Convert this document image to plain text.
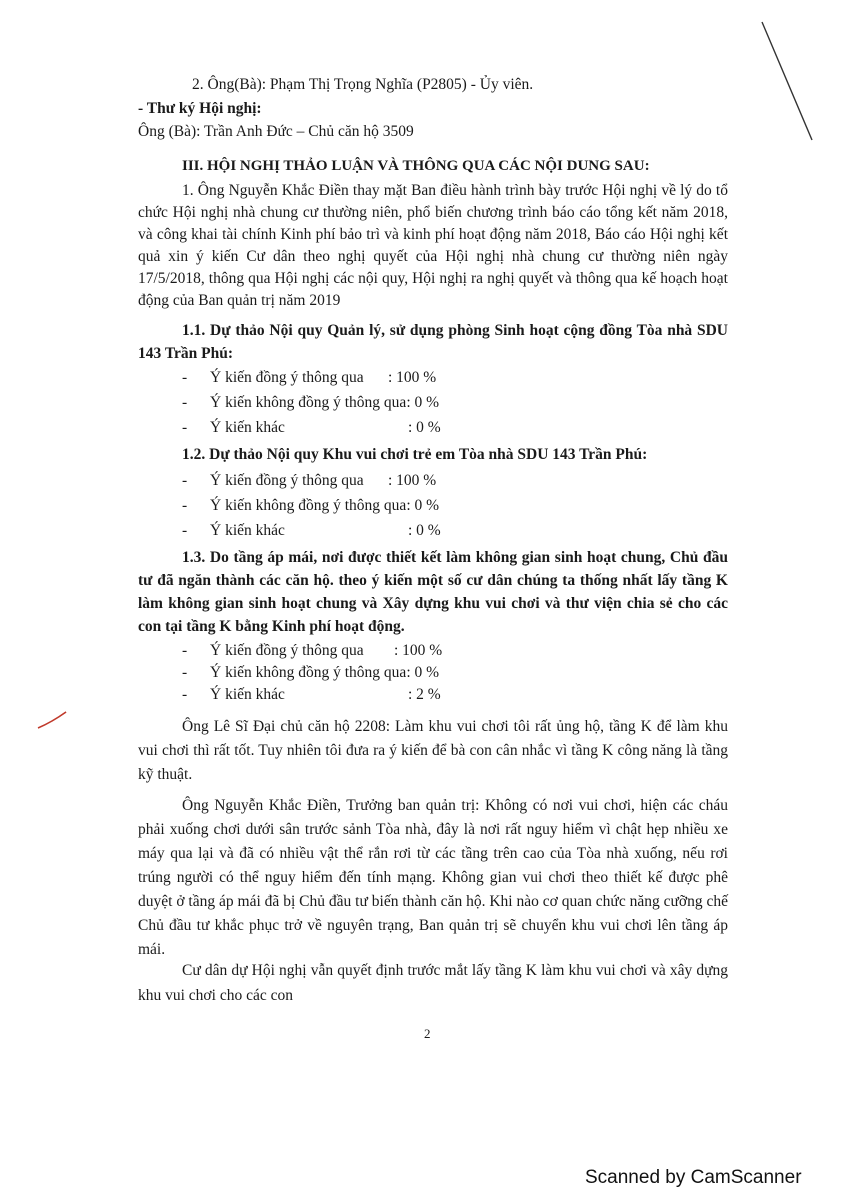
2. Ông(Bà): Phạm Thị Trọng Nghĩa (P2805) - Ủy viên.
- Thư ký Hội nghị:
Ông (Bà): Trần Anh Đức – Chủ căn hộ 3509
III. HỘI NGHỊ THẢO LUẬN VÀ THÔNG QUA CÁC NỘI DUNG SAU:
1. Ông Nguyễn Khắc Điền thay mặt Ban điều hành trình bày trước Hội nghị về lý do tổ chức Hội nghị nhà chung cư thường niên, phổ biến chương trình báo cáo tổng kết năm 2018, và công khai tài chính Kinh phí bảo trì và kinh phí hoạt động năm 2018, Báo cáo Hội nghị kết quả xin ý kiến Cư dân theo nghị quyết của Hội nghị nhà chung cư thường niên ngày 17/5/2018, thông qua Hội nghị các nội quy, Hội nghị ra nghị quyết và thông qua kế hoạch hoạt động của Ban quản trị năm 2019
1.1. Dự thảo Nội quy Quản lý, sử dụng phòng Sinh hoạt cộng đồng Tòa nhà SDU 143 Trần Phú:
- Ý kiến đồng ý thông qua : 100 %
- Ý kiến không đồng ý thông qua: 0 %
- Ý kiến khác	: 0 %
1.2. Dự thảo Nội quy Khu vui chơi trẻ em Tòa nhà SDU 143 Trần Phú:
- Ý kiến đồng ý thông qua : 100 %
- Ý kiến không đồng ý thông qua: 0 %
- Ý kiến khác	: 0 %
1.3. Do tầng áp mái, nơi được thiết kết làm không gian sinh hoạt chung, Chủ đầu tư đã ngăn thành các căn hộ. theo ý kiến một số cư dân chúng ta thống nhất lấy tầng K làm không gian sinh hoạt chung và Xây dựng khu vui chơi và thư viện chia sẻ cho các con tại tầng K bằng Kinh phí hoạt động.
- Ý kiến đồng ý thông qua : 100 %
- Ý kiến không đồng ý thông qua: 0 %
- Ý kiến khác	: 2 %
Ông Lê Sĩ Đại chủ căn hộ 2208: Làm khu vui chơi tôi rất ủng hộ, tầng K để làm khu vui chơi thì rất tốt. Tuy nhiên tôi đưa ra ý kiến để bà con cân nhắc vì tầng K công năng là tầng kỹ thuật.
Ông Nguyễn Khắc Điền, Trưởng ban quản trị: Không có nơi vui chơi, hiện các cháu phải xuống chơi dưới sân trước sảnh Tòa nhà, đây là nơi rất nguy hiểm vì chật hẹp nhiều xe máy qua lại và đã có nhiều vật thể rắn rơi từ các tầng trên cao của Tòa nhà xuống, nếu rơi trúng người có thể nguy hiểm đến tính mạng. Không gian vui chơi theo thiết kế được phê duyệt ở tầng áp mái đã bị Chủ đầu tư biến thành căn hộ. Khi nào cơ quan chức năng cưỡng chế Chủ đầu tư khắc phục trở về nguyên trạng, Ban quản trị sẽ chuyển khu vui chơi lên tầng áp mái.
Cư dân dự Hội nghị vẫn quyết định trước mắt lấy tầng K làm khu vui chơi và xây dựng khu vui chơi cho các con
2
Scanned by CamScanner
